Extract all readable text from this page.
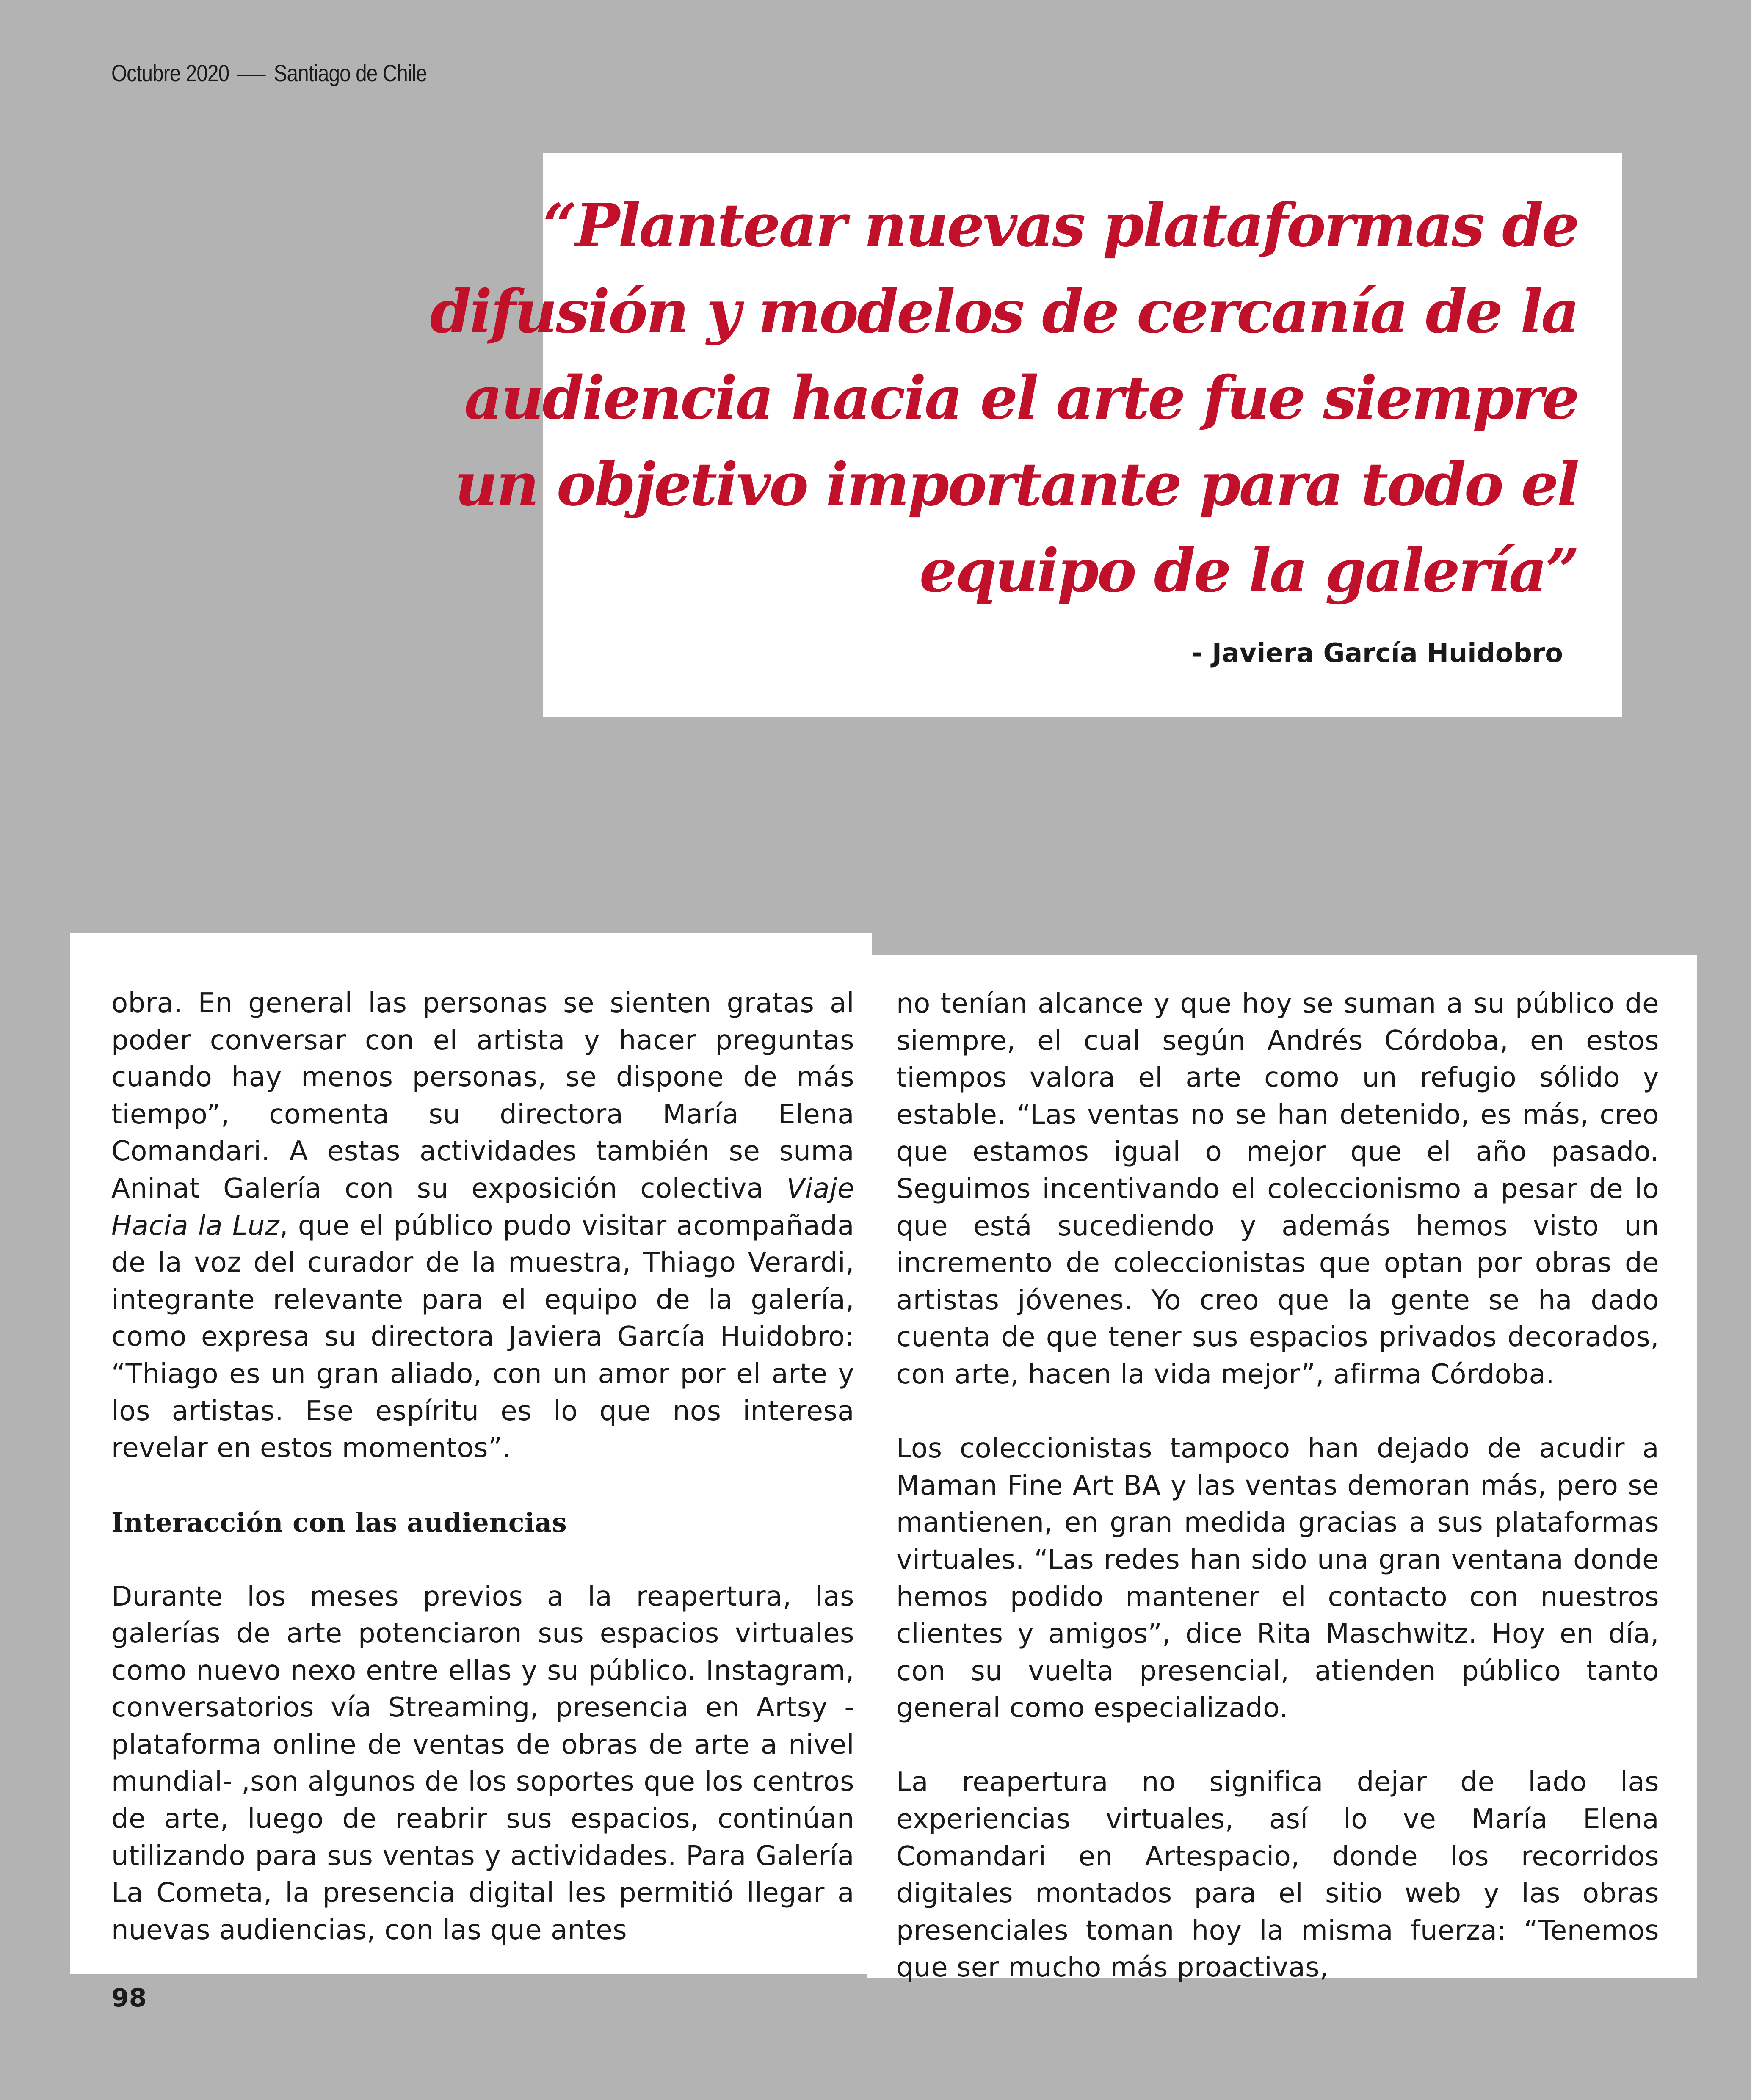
Octubre 2020 Santiago de Chile
“Plantear nuevas plataformas de
difusión y modelos de cercanía de la
audiencia hacia el arte fue siempre
un objetivo importante para todo el
equipo de la galería”
- Javiera García Huidobro

obra. En general las personas se sienten gratas al poder conversar con el artista y hacer preguntas cuando hay menos personas, se dispone de más tiempo”, comenta su directora María Elena Comandari. A estas actividades también se suma Aninat Galería con su exposición colectiva Viaje Hacia la Luz, que el público pudo visitar acompañada de la voz del curador de la muestra, Thiago Verardi, integrante relevante para el equipo de la galería, como expresa su directora Javiera García Huidobro: “Thiago es un gran aliado, con un amor por el arte y los artistas. Ese espíritu es lo que nos interesa revelar en estos momentos”.

Interacción con las audiencias

Durante los meses previos a la reapertura, las galerías de arte potenciaron sus espacios virtuales como nuevo nexo entre ellas y su público. Instagram, conversatorios vía Streaming, presencia en Artsy -plataforma online de ventas de obras de arte a nivel mundial- ,son algunos de los soportes que los centros de arte, luego de reabrir sus espacios, continúan utilizando para sus ventas y actividades. Para Galería La Cometa, la presencia digital les permitió llegar a nuevas audiencias, con las que antes

no tenían alcance y que hoy se suman a su público de siempre, el cual según Andrés Córdoba, en estos tiempos valora el arte como un refugio sólido y estable. “Las ventas no se han detenido, es más, creo que estamos igual o mejor que el año pasado. Seguimos incentivando el coleccionismo a pesar de lo que está sucediendo y además hemos visto un incremento de coleccionistas que optan por obras de artistas jóvenes. Yo creo que la gente se ha dado cuenta de que tener sus espacios privados decorados, con arte, hacen la vida mejor”, afirma Córdoba.

Los coleccionistas tampoco han dejado de acudir a Maman Fine Art BA y las ventas demoran más, pero se mantienen, en gran medida gracias a sus plataformas virtuales. “Las redes han sido una gran ventana donde hemos podido mantener el contacto con nuestros clientes y amigos”, dice Rita Maschwitz. Hoy en día, con su vuelta presencial, atienden público tanto general como especializado.

La reapertura no significa dejar de lado las experiencias virtuales, así lo ve María Elena Comandari en Artespacio, donde los recorridos digitales montados para el sitio web y las obras presenciales toman hoy la misma fuerza: “Tenemos que ser mucho más proactivas,

98
